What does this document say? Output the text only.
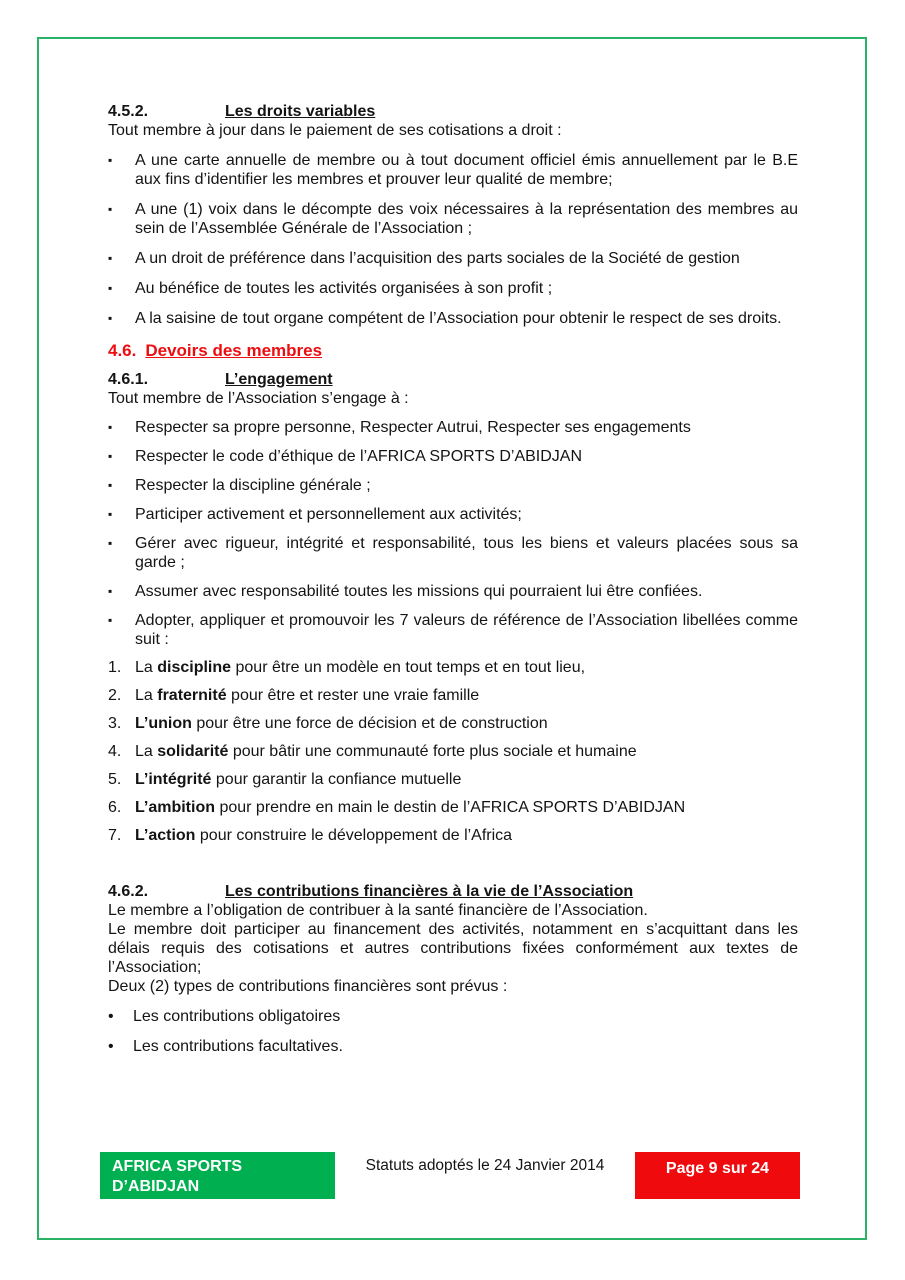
4.5.2.	Les droits variables

Tout membre à jour dans le paiement de ses cotisations a droit :

▪	A une carte annuelle de membre ou à tout document officiel émis annuellement par le B.E aux fins d’identifier les membres et prouver leur qualité de membre;
▪	A une (1) voix dans le décompte des voix nécessaires à la représentation des membres au sein de l’Assemblée Générale de l’Association ;
▪	A un droit de préférence dans l’acquisition des parts sociales de la Société de gestion
▪	Au bénéfice de toutes les activités organisées à son profit ;
▪	A la saisine de tout organe compétent de l’Association pour obtenir le respect de ses droits.
4.6. Devoirs des membres
4.6.1.	L’engagement

Tout membre de l’Association s’engage à :

▪	Respecter sa propre personne, Respecter Autrui, Respecter ses engagements
▪	Respecter le code d’éthique de l’AFRICA SPORTS D’ABIDJAN
▪	Respecter la discipline générale ;
▪	Participer activement et personnellement aux activités;
▪	Gérer avec rigueur, intégrité et responsabilité, tous les biens et valeurs placées sous sa garde ;
▪	Assumer avec responsabilité toutes les missions qui pourraient lui être confiées.
▪	Adopter, appliquer et promouvoir les 7 valeurs de référence de l’Association libellées comme suit :
1. La discipline pour être un modèle en tout temps et en tout lieu,
2. La fraternité pour être et rester une vraie famille
3. L’union pour être une force de décision et de construction
4. La solidarité pour bâtir une communauté forte plus sociale et humaine
5. L’intégrité pour garantir la confiance mutuelle
6. L’ambition pour prendre en main le destin de l’AFRICA SPORTS D’ABIDJAN
7. L’action pour construire le développement de l’Africa
4.6.2.	Les contributions financières à la vie de l’Association

Le membre a l’obligation de contribuer à la santé financière de l’Association.

Le membre doit participer au financement des activités, notamment en s’acquittant dans les délais requis des cotisations et autres contributions fixées conformément aux textes de l’Association;

Deux (2) types de contributions financières sont prévus :

•	Les contributions obligatoires
•	Les contributions facultatives.
AFRICA SPORTS D’ABIDJAN
Statuts adoptés le 24 Janvier 2014	Page 9 sur 24
